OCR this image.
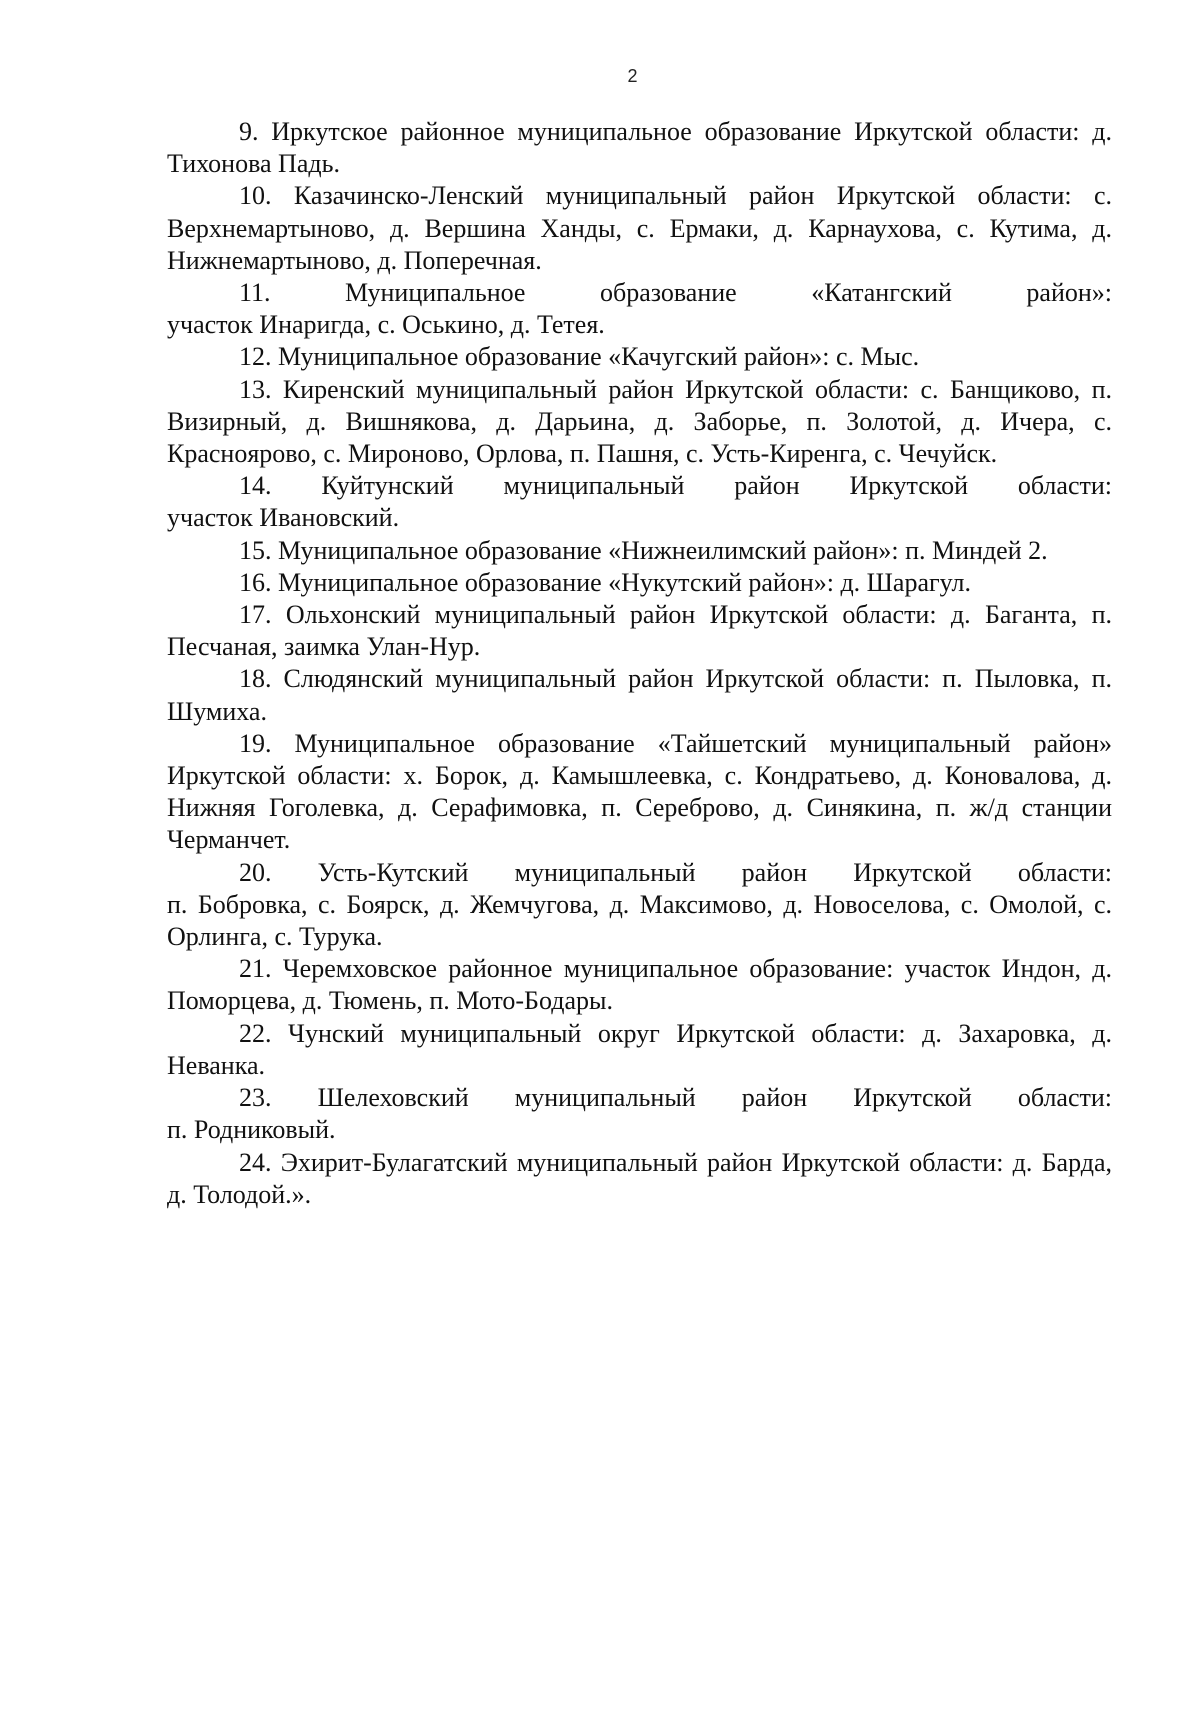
2

9. Иркутское районное муниципальное образование Иркутской области: д. Тихонова Падь.

10. Казачинско-Ленский муниципальный район Иркутской области: с. Верхнемартыново, д. Вершина Ханды, с. Ермаки, д. Карнаухова, с. Кутима, д. Нижнемартыново, д. Поперечная.

11. Муниципальное образование «Катангский район»:

участок Инаригда, с. Оськино, д. Тетея.

12. Муниципальное образование «Качугский район»: с. Мыс.

13. Киренский муниципальный район Иркутской области: с. Банщиково, п. Визирный, д. Вишнякова, д. Дарьина, д. Заборье, п. Золотой, д. Ичера, с. Краснoярово, с. Мироново, Орлова, п. Пашня, с. Усть-Киренга, с. Чечуйск.

14. Куйтунский муниципальный район Иркутской области:

участок Ивановский.

15. Муниципальное образование «Нижнеилимский район»: п. Миндей 2.

16. Муниципальное образование «Нукутский район»: д. Шарагул.

17. Ольхонский муниципальный район Иркутской области: д. Баганта, п. Песчаная, заимка Улан-Нур.

18. Слюдянский муниципальный район Иркутской области: п. Пыловка, п. Шумиха.

19. Муниципальное образование «Тайшетский муниципальный район» Иркутской области: х. Борок, д. Камышлеевка, с. Кондратьево, д. Коновалова, д. Нижняя Гоголевка, д. Серафимовка, п. Сереброво, д. Синякина, п. ж/д станции Черманчет.

20. Усть-Кутский муниципальный район Иркутской области:

п. Бобровка, с. Боярск, д. Жемчугова, д. Максимово, д. Новоселова, с. Омолой, с. Орлинга, с. Турука.

21. Черемховское районное муниципальное образование: участок Индон, д. Поморцева, д. Тюмень, п. Мото-Бодары.

22. Чунский муниципальный округ Иркутской области: д. Захаровка, д. Неванка.

23. Шелеховский муниципальный район Иркутской области:

п. Родниковый.

24. Эхирит-Булагатский муниципальный район Иркутской области: д. Барда, д. Толодой.».
